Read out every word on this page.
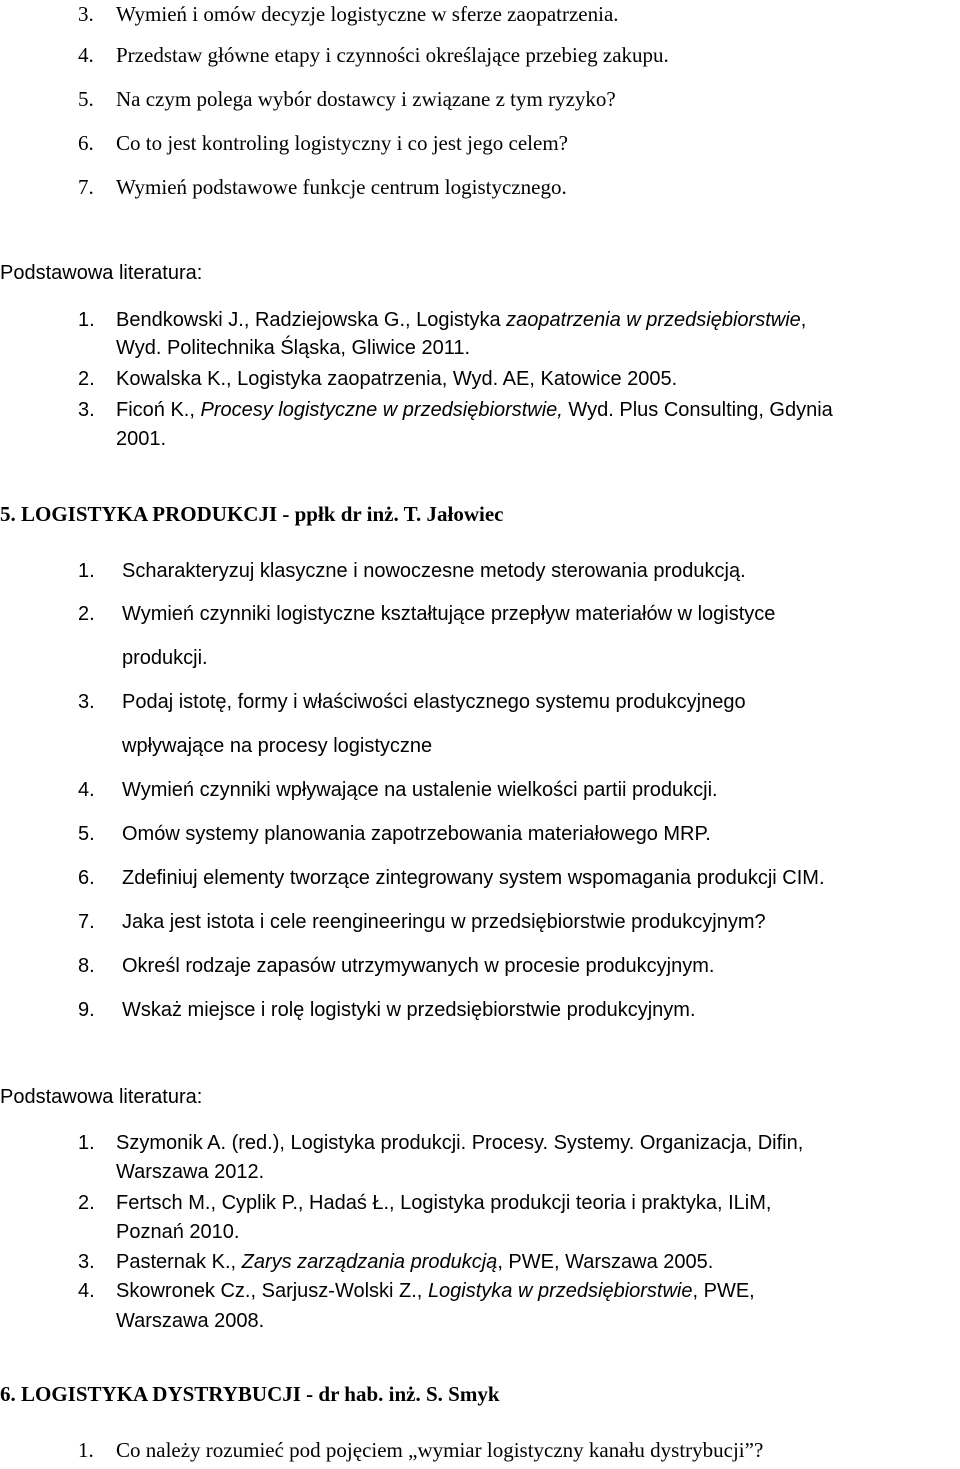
3. Wymień i omów decyzje logistyczne w sferze zaopatrzenia.
4. Przedstaw główne etapy i czynności określające przebieg zakupu.
5. Na czym polega wybór dostawcy i związane z tym ryzyko?
6. Co to jest kontroling logistyczny i co jest jego celem?
7. Wymień podstawowe funkcje centrum logistycznego.
Podstawowa literatura:
1. Bendkowski J., Radziejowska G., Logistyka zaopatrzenia w przedsiębiorstwie,
Wyd. Politechnika Śląska, Gliwice 2011.
2. Kowalska K., Logistyka zaopatrzenia, Wyd. AE, Katowice 2005.
3. Ficoń K., Procesy logistyczne w przedsiębiorstwie, Wyd. Plus Consulting, Gdynia
2001.
5. LOGISTYKA PRODUKCJI - ppłk dr inż. T. Jałowiec
1. Scharakteryzuj klasyczne i nowoczesne metody sterowania produkcją.
2. Wymień czynniki logistyczne kształtujące przepływ materiałów w logistyce
produkcji.
3. Podaj istotę, formy i właściwości elastycznego systemu produkcyjnego
wpływające na procesy logistyczne
4. Wymień czynniki wpływające na ustalenie wielkości partii produkcji.
5. Omów systemy planowania zapotrzebowania materiałowego MRP.
6. Zdefiniuj elementy tworzące zintegrowany system wspomagania produkcji CIM.
7. Jaka jest istota i cele reengineeringu w przedsiębiorstwie produkcyjnym?
8. Określ rodzaje zapasów utrzymywanych w procesie produkcyjnym.
9. Wskaż miejsce i rolę logistyki w przedsiębiorstwie produkcyjnym.
Podstawowa literatura:
1. Szymonik A. (red.), Logistyka produkcji. Procesy. Systemy. Organizacja, Difin,
Warszawa 2012.
2. Fertsch M., Cyplik P., Hadaś Ł., Logistyka produkcji teoria i praktyka, ILiM,
Poznań 2010.
3. Pasternak K., Zarys zarządzania produkcją, PWE, Warszawa 2005.
4. Skowronek Cz., Sarjusz-Wolski Z., Logistyka w przedsiębiorstwie, PWE,
Warszawa 2008.
6. LOGISTYKA DYSTRYBUCJI - dr hab. inż. S. Smyk
1. Co należy rozumieć pod pojęciem „wymiar logistyczny kanału dystrybucji”?
